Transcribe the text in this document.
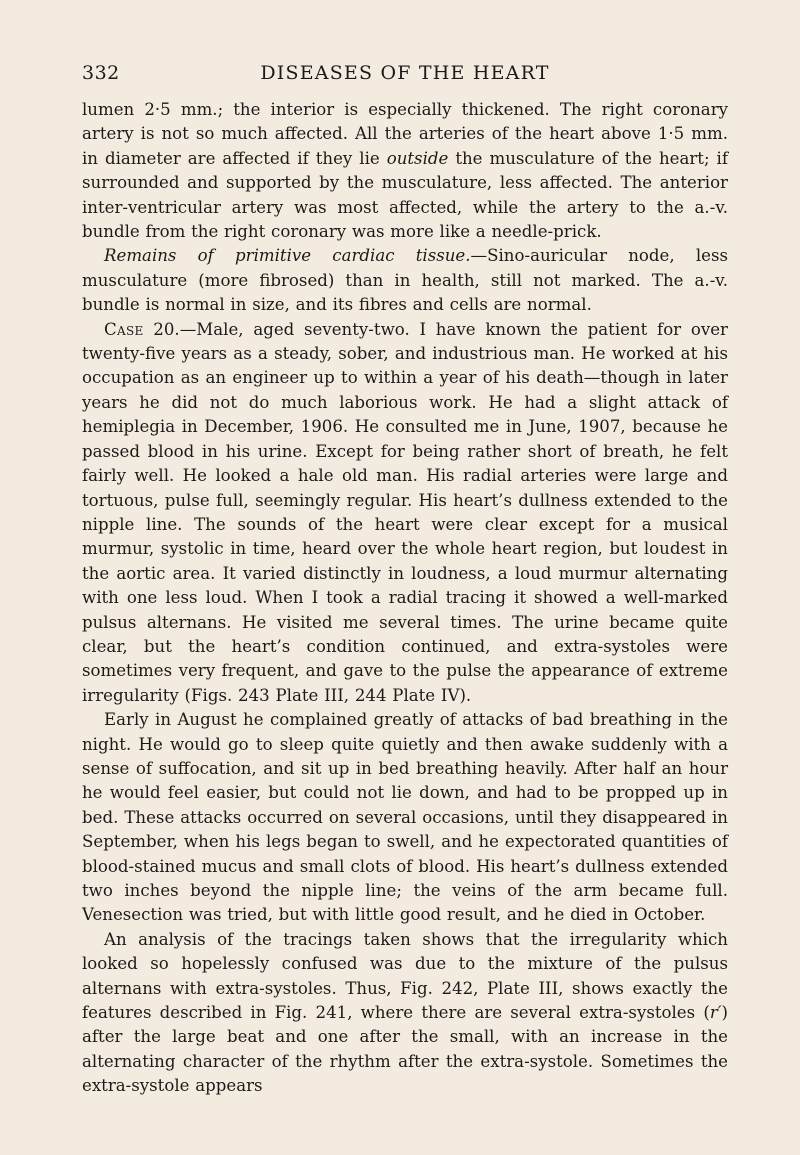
332	DISEASES OF THE HEART

lumen 2·5 mm.; the interior is especially thickened. The right coronary artery is not so much affected. All the arteries of the heart above 1·5 mm. in diameter are affected if they lie outside the musculature of the heart; if surrounded and supported by the musculature, less affected. The anterior inter-ventricular artery was most affected, while the artery to the a.-v. bundle from the right coronary was more like a needle-prick.

Remains of primitive cardiac tissue.—Sino-auricular node, less musculature (more fibrosed) than in health, still not marked. The a.-v. bundle is normal in size, and its fibres and cells are normal.

Case 20.—Male, aged seventy-two. I have known the patient for over twenty-five years as a steady, sober, and industrious man. He worked at his occupation as an engineer up to within a year of his death—though in later years he did not do much laborious work. He had a slight attack of hemiplegia in December, 1906. He consulted me in June, 1907, because he passed blood in his urine. Except for being rather short of breath, he felt fairly well. He looked a hale old man. His radial arteries were large and tortuous, pulse full, seemingly regular. His heart’s dullness extended to the nipple line. The sounds of the heart were clear except for a musical murmur, systolic in time, heard over the whole heart region, but loudest in the aortic area. It varied distinctly in loudness, a loud murmur alternating with one less loud. When I took a radial tracing it showed a well-marked pulsus alternans. He visited me several times. The urine became quite clear, but the heart’s condition continued, and extra-systoles were sometimes very frequent, and gave to the pulse the appearance of extreme irregularity (Figs. 243 Plate III, 244 Plate IV).

Early in August he complained greatly of attacks of bad breathing in the night. He would go to sleep quite quietly and then awake suddenly with a sense of suffocation, and sit up in bed breathing heavily. After half an hour he would feel easier, but could not lie down, and had to be propped up in bed. These attacks occurred on several occasions, until they disappeared in September, when his legs began to swell, and he expectorated quantities of blood-stained mucus and small clots of blood. His heart’s dullness extended two inches beyond the nipple line; the veins of the arm became full. Venesection was tried, but with little good result, and he died in October.

An analysis of the tracings taken shows that the irregularity which looked so hopelessly confused was due to the mixture of the pulsus alternans with extra-systoles. Thus, Fig. 242, Plate III, shows exactly the features described in Fig. 241, where there are several extra-systoles (r′) after the large beat and one after the small, with an increase in the alternating character of the rhythm after the extra-systole. Sometimes the extra-systole appears
